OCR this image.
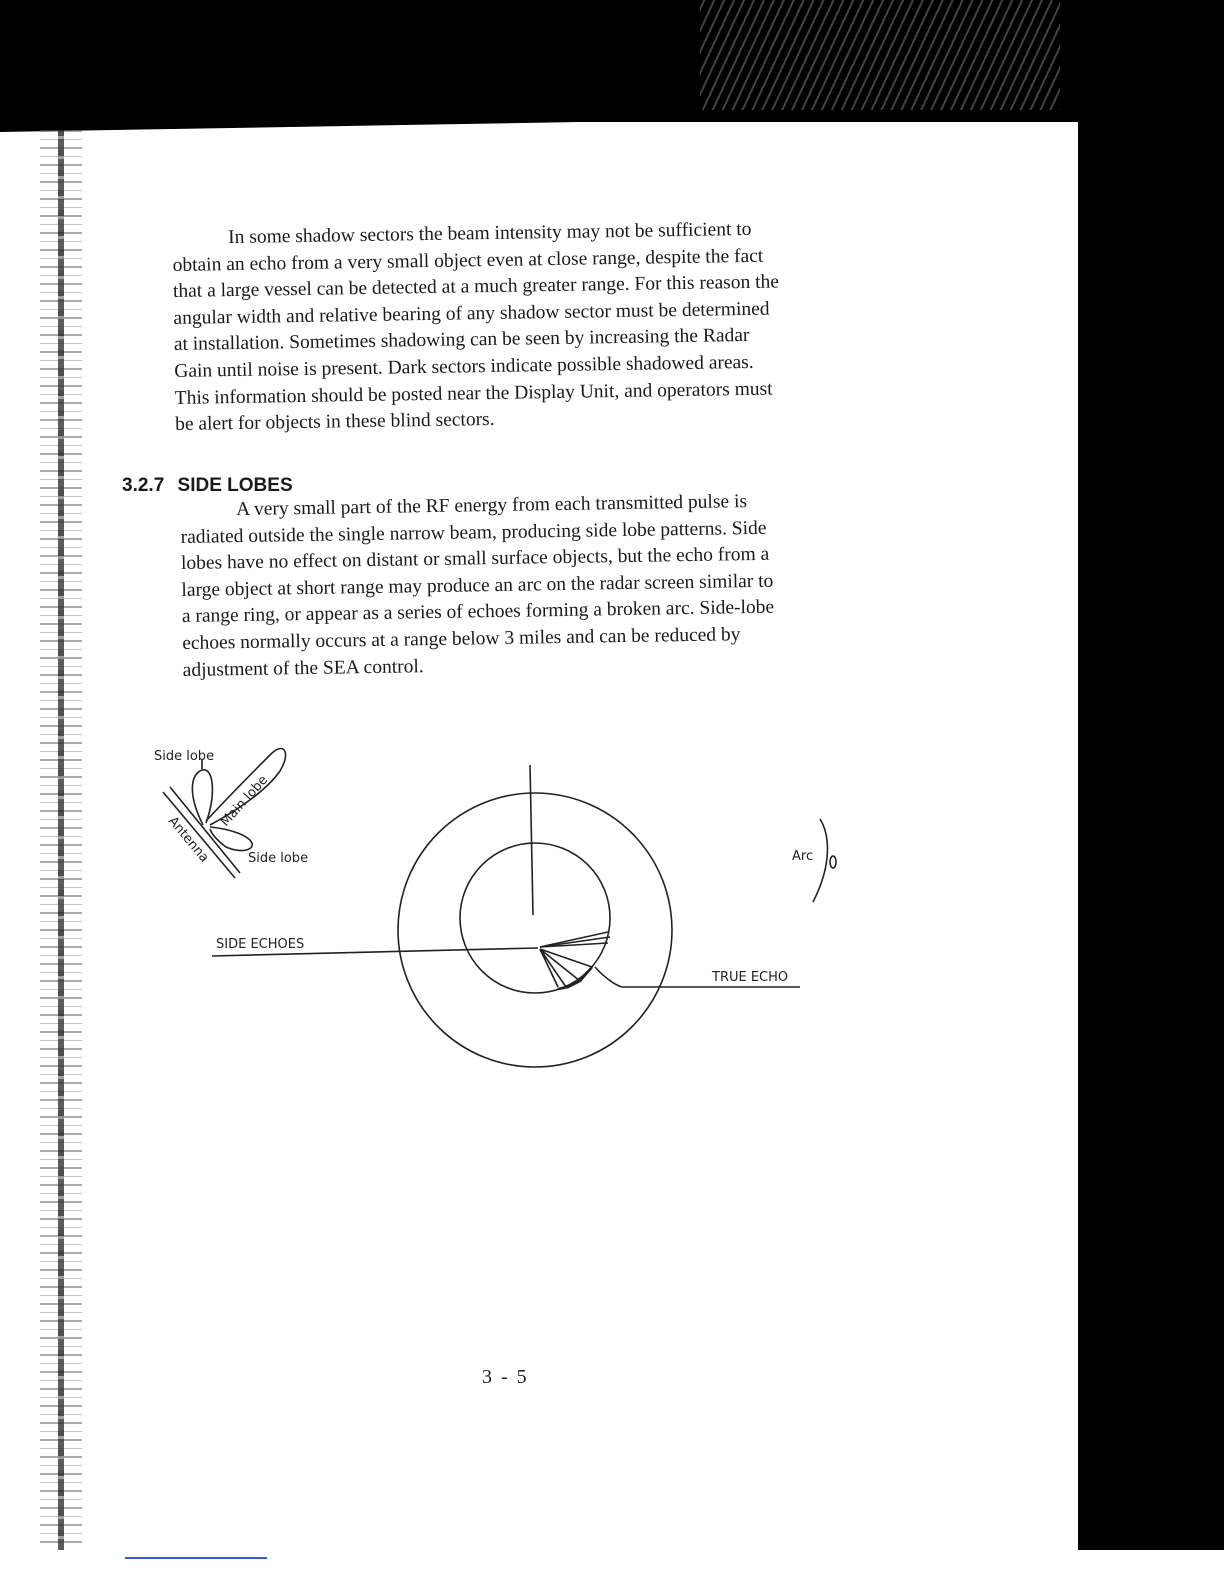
In some shadow sectors the beam intensity may not be sufficient to
obtain an echo from a very small object even at close range, despite the fact
that a large vessel can be detected at a much greater range. For this reason the
angular width and relative bearing of any shadow sector must be determined
at installation. Sometimes shadowing can be seen by increasing the Radar
Gain until noise is present. Dark sectors indicate possible shadowed areas.
This information should be posted near the Display Unit, and operators must
be alert for objects in these blind sectors.

3.2.7 SIDE LOBES

A very small part of the RF energy from each transmitted pulse is
radiated outside the single narrow beam, producing side lobe patterns. Side
lobes have no effect on distant or small surface objects, but the echo from a
large object at short range may produce an arc on the radar screen similar to
a range ring, or appear as a series of echoes forming a broken arc. Side-lobe
echoes normally occurs at a range below 3 miles and can be reduced by
adjustment of the SEA control.

Side lobe
Main lobe
Antenna	Side lobe
SIDE ECHOES
TRUE ECHO
Arc

3 - 5
